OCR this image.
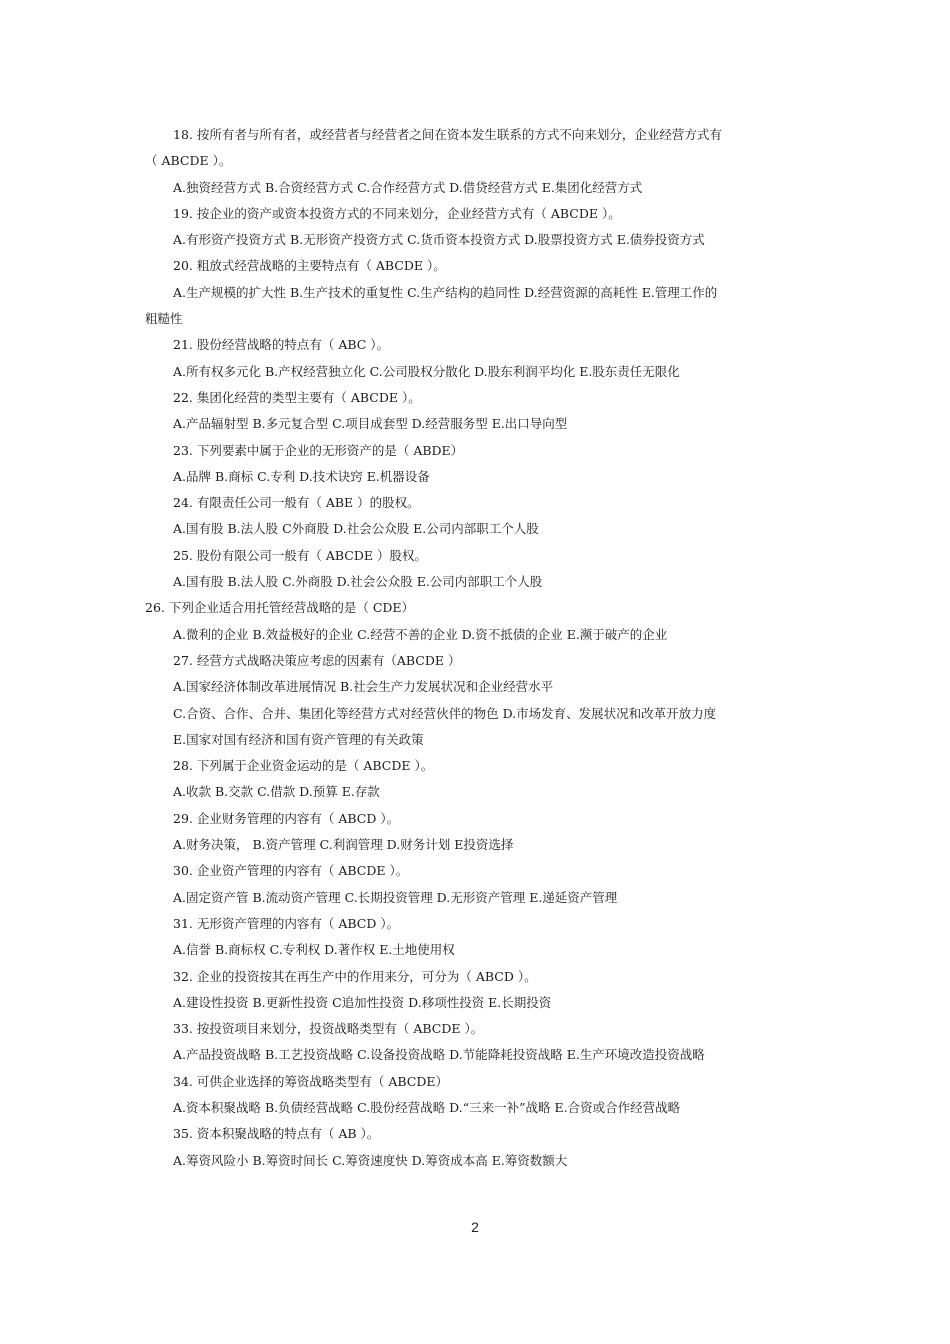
18. 按所有者与所有者，或经营者与经营者之间在资本发生联系的方式不向来划分，企业经营方式有
（ ABCDE ）。
A.独资经营方式 B.合资经营方式 C.合作经营方式 D.借贷经营方式 E.集团化经营方式
19. 按企业的资产或资本投资方式的不同来划分，企业经营方式有（ ABCDE ）。
A.有形资产投资方式 B.无形资产投资方式 C.货币资本投资方式 D.股票投资方式 E.债券投资方式
20. 粗放式经营战略的主要特点有（ ABCDE ）。
A.生产规模的扩大性 B.生产技术的重复性 C.生产结构的趋同性 D.经营资源的高耗性 E.管理工作的
粗糙性
21. 股份经营战略的特点有（ ABC ）。
A.所有权多元化 B.产权经营独立化 C.公司股权分散化 D.股东利润平均化 E.股东责任无限化
22. 集团化经营的类型主要有（ ABCDE ）。
A.产品辐射型 B.多元复合型 C.项目成套型 D.经营服务型 E.出口导向型
23. 下列要素中属于企业的无形资产的是（ ABDE）
A.品牌 B.商标 C.专利 D.技术诀窍 E.机器设备
24. 有限责任公司一般有（ ABE ）的股权。
A.国有股 B.法人股 C外商股 D.社会公众股 E.公司内部职工个人股
25. 股份有限公司一般有（ ABCDE ）股权。
A.国有股 B.法人股 C.外商股 D.社会公众股 E.公司内部职工个人股
26. 下列企业适合用托管经营战略的是（ CDE）
A.微利的企业 B.效益极好的企业 C.经营不善的企业 D.资不抵债的企业 E.濒于破产的企业
27. 经营方式战略决策应考虑的因素有（ABCDE ）
A.国家经济体制改革进展情况 B.社会生产力发展状况和企业经营水平
C.合资、合作、合并、集团化等经营方式对经营伙伴的物色 D.市场发育、发展状况和改革开放力度
E.国家对国有经济和国有资产管理的有关政策
28. 下列属于企业资金运动的是（ ABCDE ）。
A.收款 B.交款 C.借款 D.预算 E.存款
29. 企业财务管理的内容有（ ABCD ）。
A.财务决策， B.资产管理 C.利润管理 D.财务计划 E投资选择
30. 企业资产管理的内容有（ ABCDE ）。
A.固定资产管 B.流动资产管理 C.长期投资管理 D.无形资产管理 E.递延资产管理
31. 无形资产管理的内容有（ ABCD ）。
A.信誉 B.商标权 C.专利权 D.著作权 E.土地使用权
32. 企业的投资按其在再生产中的作用来分，可分为（ ABCD ）。
A.建设性投资 B.更新性投资 C追加性投资 D.移项性投资 E.长期投资
33. 按投资项目来划分，投资战略类型有（ ABCDE ）。
A.产品投资战略 B.工艺投资战略 C.设备投资战略 D.节能降耗投资战略 E.生产环境改造投资战略
34. 可供企业选择的筹资战略类型有（ ABCDE）
A.资本积聚战略 B.负债经营战略 C.股份经营战略 D.“三来一补”战略 E.合资或合作经营战略
35. 资本积聚战略的特点有（ AB ）。
A.筹资风险小 B.筹资时间长 C.筹资速度快 D.筹资成本高 E.筹资数额大
2
